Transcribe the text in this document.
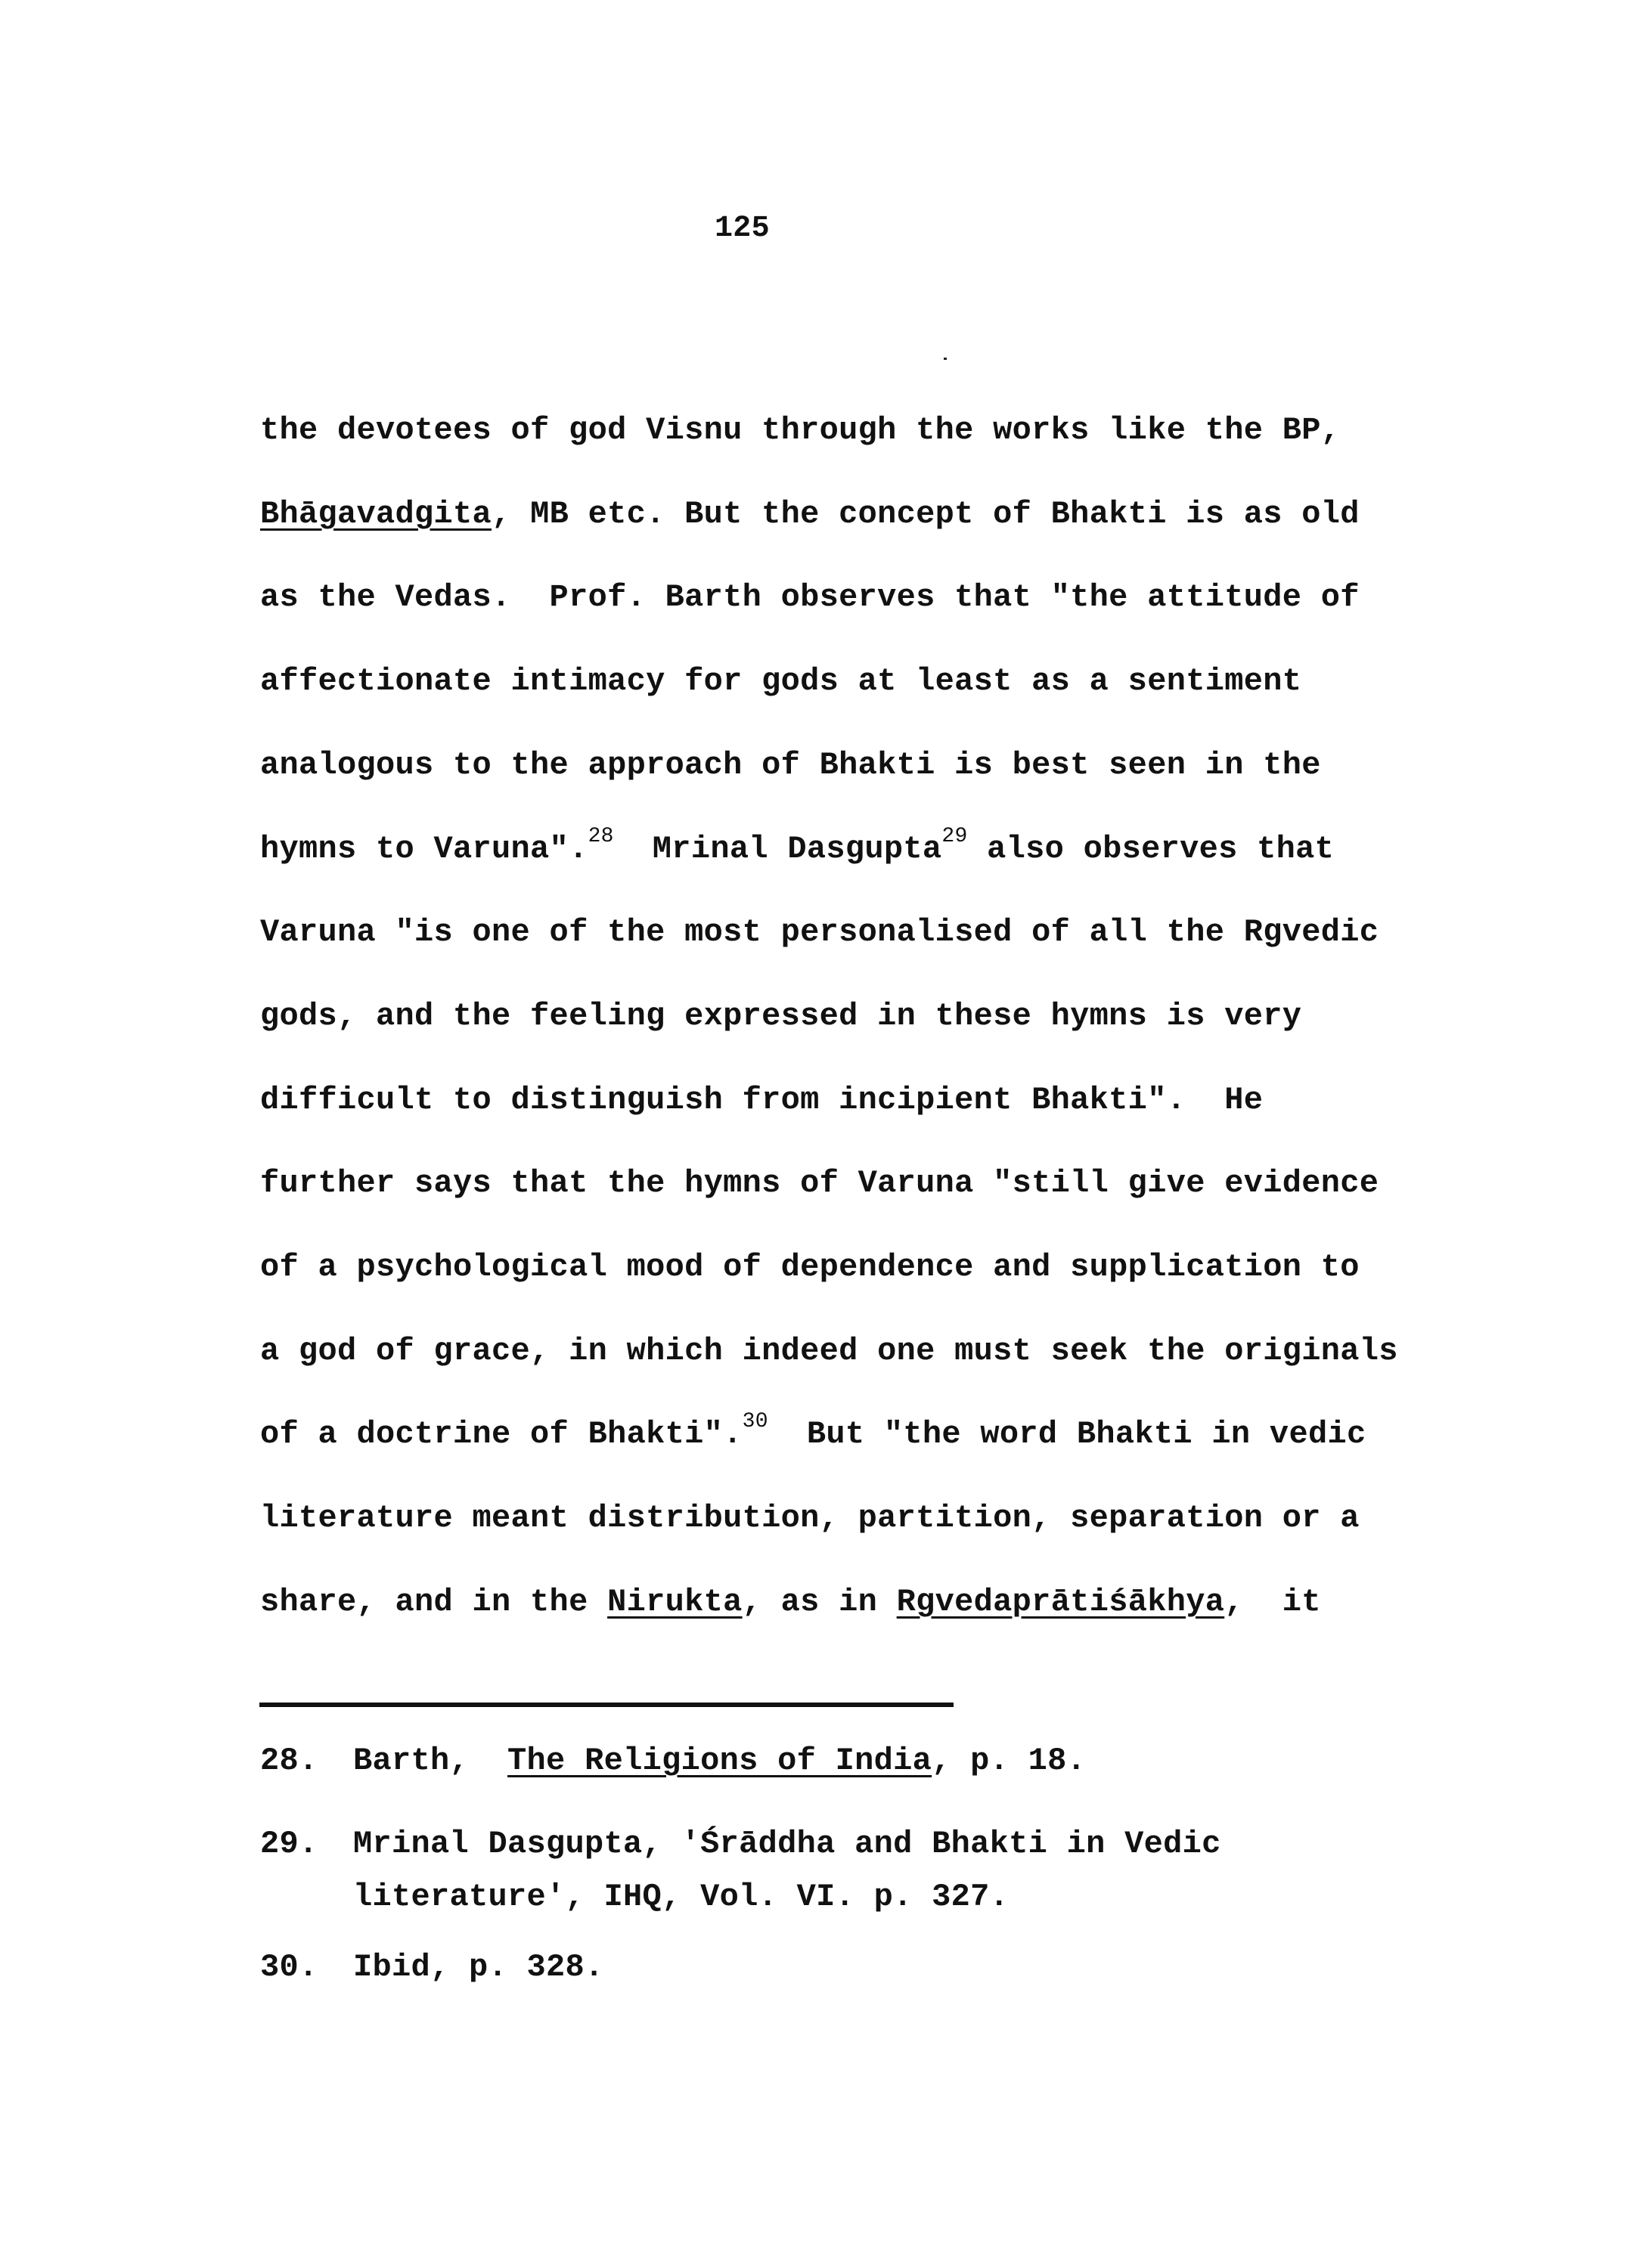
125
the devotees of god Visnu through the works like the BP,
Bhāgavadgita, MB etc. But the concept of Bhakti is as old
as the Vedas.  Prof. Barth observes that "the attitude of
affectionate intimacy for gods at least as a sentiment
analogous to the approach of Bhakti is best seen in the
hymns to Varuna".$^{28}$  Mrinal Dasgupta$^{29}$ also observes that
Varuna "is one of the most personalised of all the Rgvedic
gods, and the feeling expressed in these hymns is very
difficult to distinguish from incipient Bhakti".  He
further says that the hymns of Varuna "still give evidence
of a psychological mood of dependence and supplication to
a god of grace, in which indeed one must seek the originals
of a doctrine of Bhakti".$^{30}$  But "the word Bhakti in vedic
literature meant distribution, partition, separation or a
share, and in the Nirukta, as in Rgvedaprātiśākhya,  it
28. Barth,  The Religions of India, p. 18.
29. Mrinal Dasgupta, 'Śrāddha and Bhakti in Vedic
literature', IHQ, Vol. VI. p. 327.
30. Ibid, p. 328.
